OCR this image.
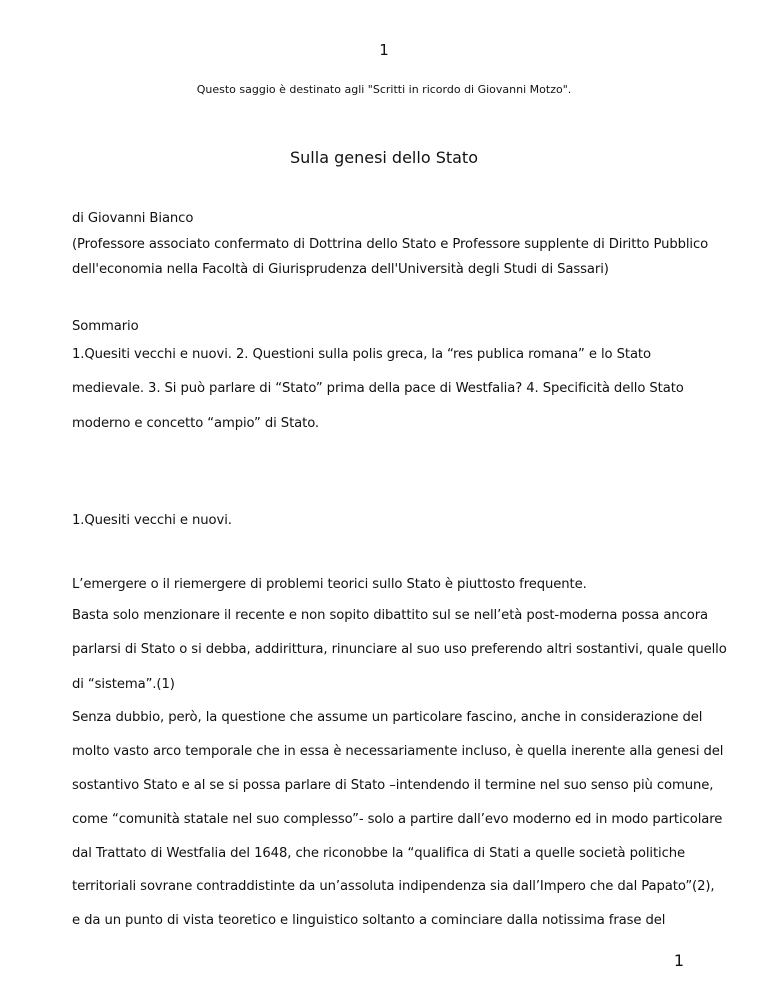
1
Questo saggio è destinato agli "Scritti in ricordo di Giovanni Motzo".
Sulla genesi dello Stato
di Giovanni Bianco
(Professore associato confermato di Dottrina dello Stato e Professore supplente di Diritto Pubblico
dell'economia nella Facoltà di Giurisprudenza dell'Università degli Studi di Sassari)
Sommario
1.Quesiti vecchi e nuovi. 2. Questioni sulla polis greca, la “res publica romana” e lo Stato
medievale. 3. Si può parlare di “Stato” prima della pace di Westfalia? 4. Specificità dello Stato
moderno e concetto “ampio” di Stato.
1.Quesiti vecchi e nuovi.
L’emergere o il riemergere di problemi teorici sullo Stato è piuttosto frequente.
Basta solo menzionare il recente e non sopito dibattito sul se nell’età post-moderna possa ancora
parlarsi di Stato o si debba, addirittura, rinunciare al suo uso preferendo altri sostantivi, quale quello
di “sistema”.(1)
Senza dubbio, però, la questione che assume un particolare fascino, anche in considerazione del
molto vasto arco temporale che in essa è necessariamente incluso, è quella inerente alla genesi del
sostantivo Stato e al se si possa parlare di Stato –intendendo il termine nel suo senso più comune,
come “comunità statale nel suo complesso”- solo a partire dall’evo moderno ed in modo particolare
dal Trattato di Westfalia del 1648, che riconobbe la “qualifica di Stati a quelle società politiche
territoriali sovrane contraddistinte da un’assoluta indipendenza sia dall’Impero che dal Papato”(2),
e da un punto di vista teoretico e linguistico soltanto a cominciare dalla notissima frase del
1
